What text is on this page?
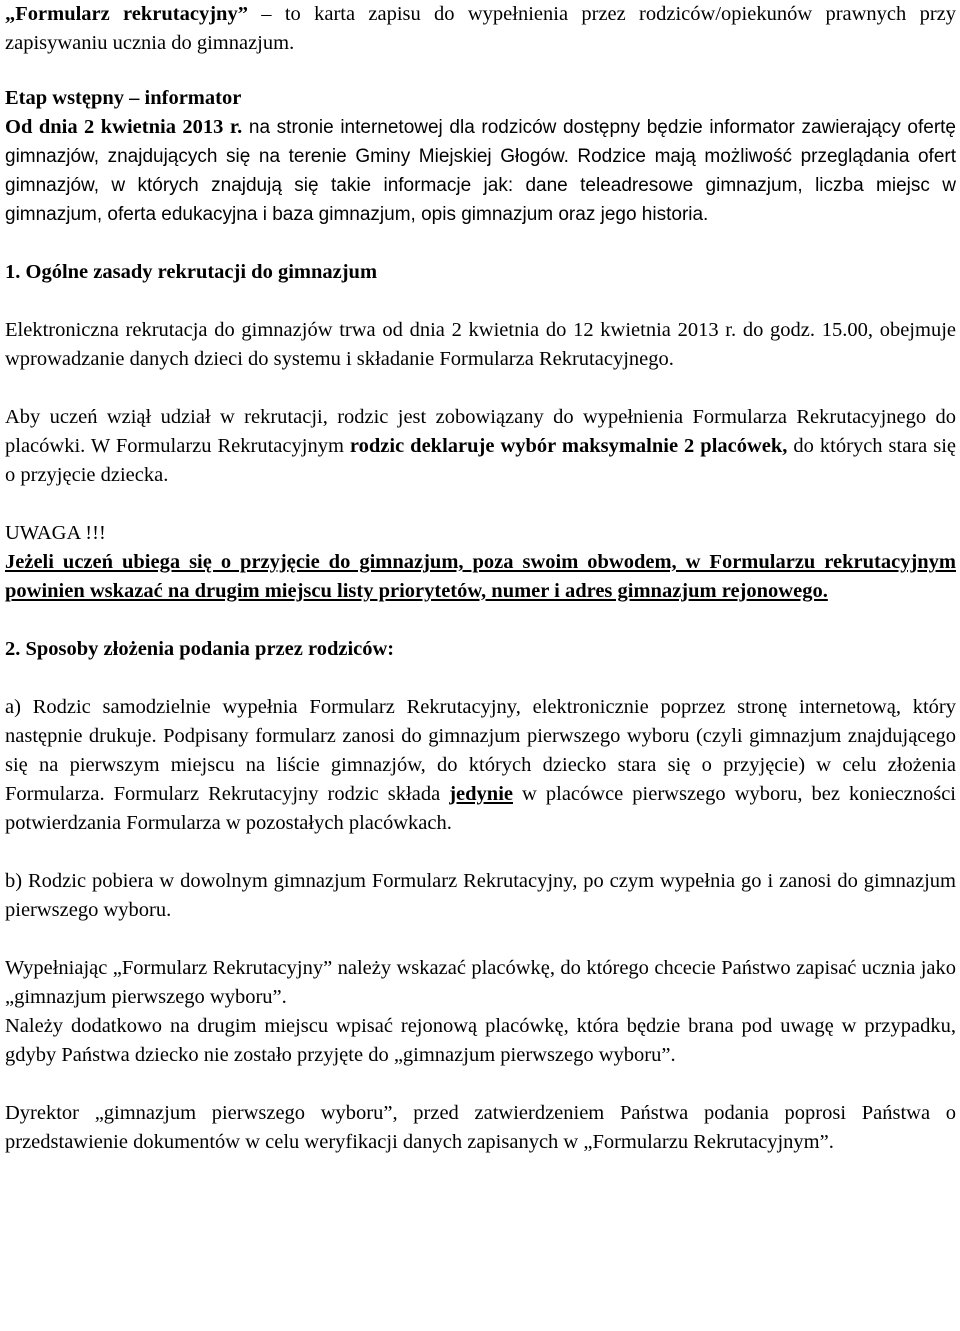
„Formularz rekrutacyjny” – to karta zapisu do wypełnienia przez rodziców/opiekunów prawnych przy zapisywaniu ucznia do gimnazjum.

Etap wstępny – informator

Od dnia 2 kwietnia 2013 r. na stronie internetowej dla rodziców dostępny będzie informator zawierający ofertę gimnazjów, znajdujących się na terenie Gminy Miejskiej Głogów. Rodzice mają możliwość przeglądania ofert gimnazjów, w których znajdują się takie informacje jak: dane teleadresowe gimnazjum, liczba miejsc w gimnazjum, oferta edukacyjna i baza gimnazjum, opis gimnazjum oraz jego historia.

1. Ogólne zasady rekrutacji do gimnazjum

Elektroniczna rekrutacja do gimnazjów trwa od dnia 2 kwietnia do 12 kwietnia 2013 r. do godz. 15.00, obejmuje wprowadzanie danych dzieci do systemu i składanie Formularza Rekrutacyjnego.

Aby uczeń wziął udział w rekrutacji, rodzic jest zobowiązany do wypełnienia Formularza Rekrutacyjnego do placówki. W Formularzu Rekrutacyjnym rodzic deklaruje wybór maksymalnie 2 placówek, do których stara się o przyjęcie dziecka.

UWAGA !!!

Jeżeli uczeń ubiega się o przyjęcie do gimnazjum, poza swoim obwodem, w Formularzu rekrutacyjnym powinien wskazać na drugim miejscu listy priorytetów, numer i adres gimnazjum rejonowego.

2. Sposoby złożenia podania przez rodziców:

a) Rodzic samodzielnie wypełnia Formularz Rekrutacyjny, elektronicznie poprzez stronę internetową, który następnie drukuje. Podpisany formularz zanosi do gimnazjum pierwszego wyboru (czyli gimnazjum znajdującego się na pierwszym miejscu na liście gimnazjów, do których dziecko stara się o przyjęcie) w celu złożenia Formularza. Formularz Rekrutacyjny rodzic składa jedynie w placówce pierwszego wyboru, bez konieczności potwierdzania Formularza w pozostałych placówkach.

b) Rodzic pobiera w dowolnym gimnazjum Formularz Rekrutacyjny, po czym wypełnia go i zanosi do gimnazjum pierwszego wyboru.

Wypełniając „Formularz Rekrutacyjny” należy wskazać placówkę, do którego chcecie Państwo zapisać ucznia jako „gimnazjum pierwszego wyboru”.

Należy dodatkowo na drugim miejscu wpisać rejonową placówkę, która będzie brana pod uwagę w przypadku, gdyby Państwa dziecko nie zostało przyjęte do „gimnazjum pierwszego wyboru”.

Dyrektor „gimnazjum pierwszego wyboru”, przed zatwierdzeniem Państwa podania poprosi Państwa o przedstawienie dokumentów w celu weryfikacji danych zapisanych w „Formularzu Rekrutacyjnym”.
